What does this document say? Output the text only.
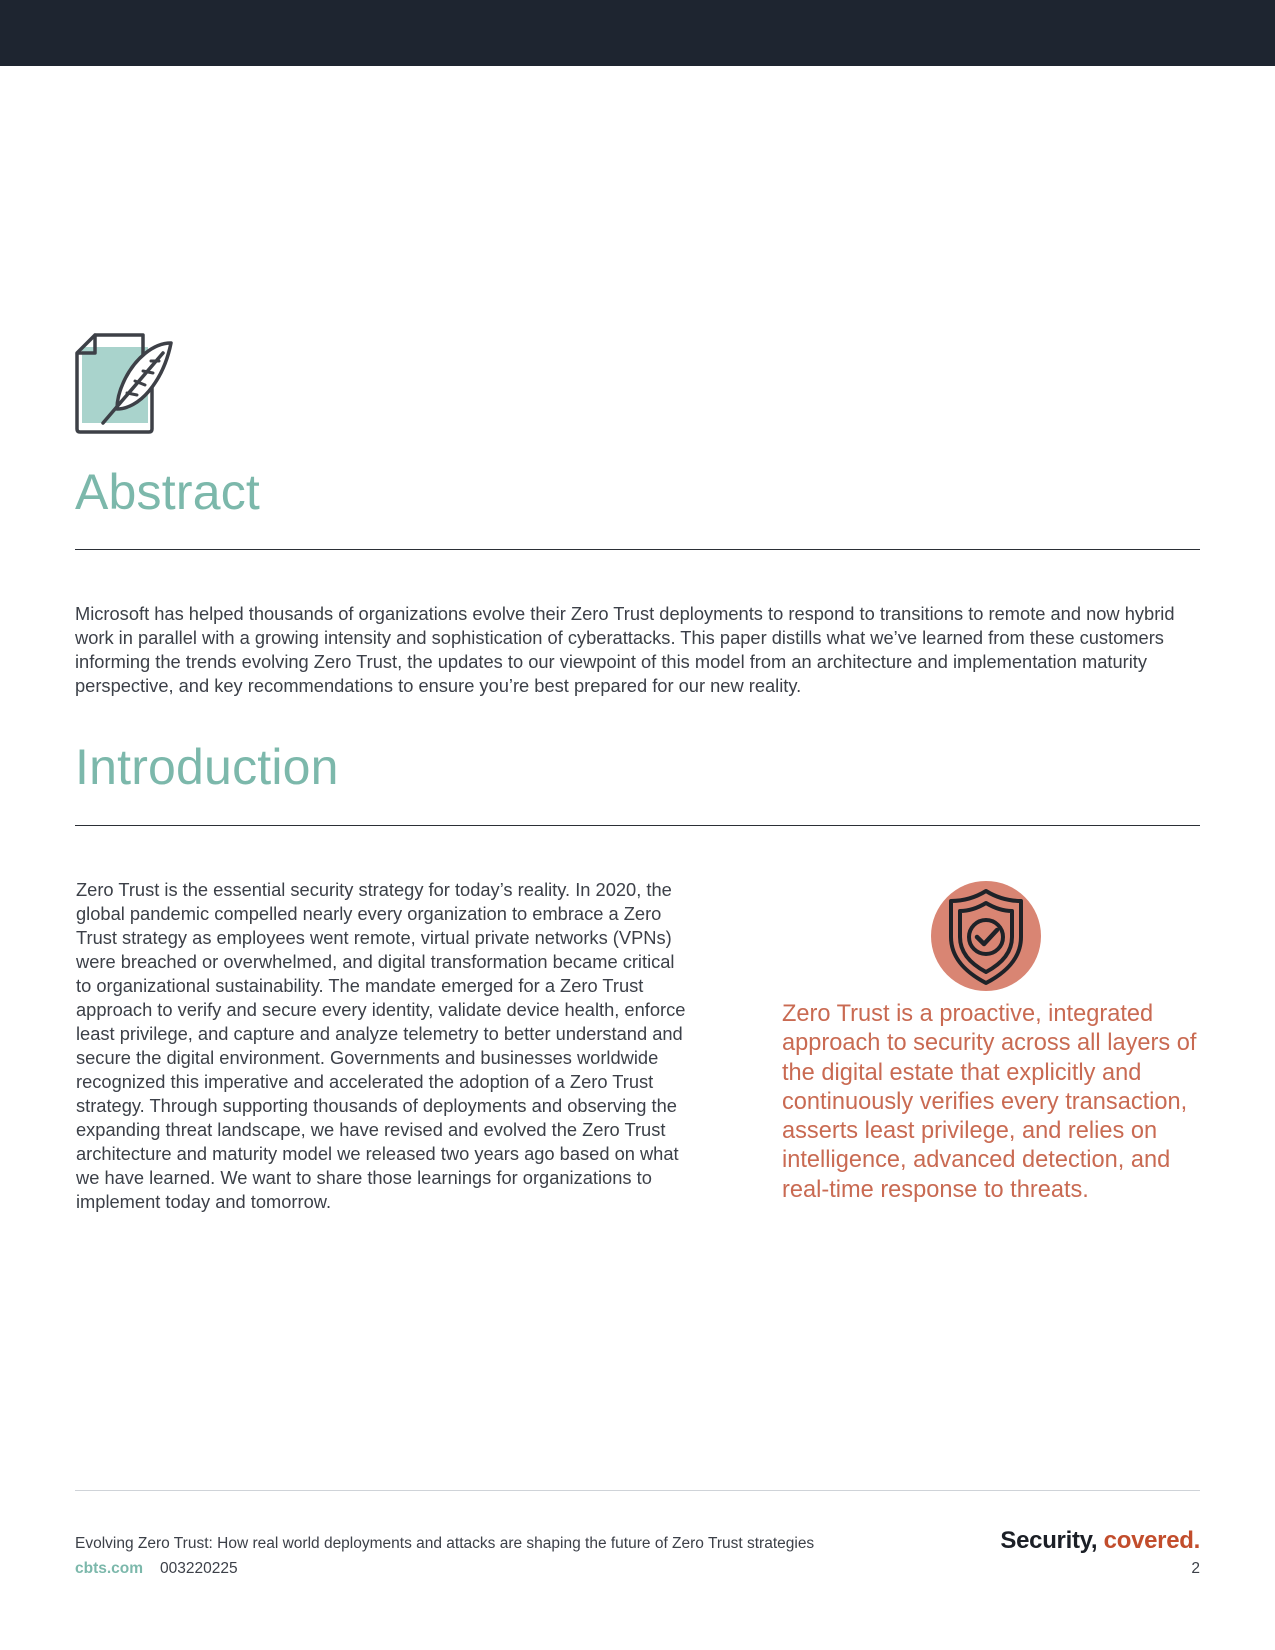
Abstract

Microsoft has helped thousands of organizations evolve their Zero Trust deployments to respond to transitions to remote and now hybrid work in parallel with a growing intensity and sophistication of cyberattacks. This paper distills what we’ve learned from these customers informing the trends evolving Zero Trust, the updates to our viewpoint of this model from an architecture and implementation maturity perspective, and key recommendations to ensure you’re best prepared for our new reality.

Introduction

Zero Trust is the essential security strategy for today’s reality. In 2020, the global pandemic compelled nearly every organization to embrace a Zero Trust strategy as employees went remote, virtual private networks (VPNs) were breached or overwhelmed, and digital transformation became critical to organizational sustainability. The mandate emerged for a Zero Trust approach to verify and secure every identity, validate device health, enforce least privilege, and capture and analyze telemetry to better understand and secure the digital environment. Governments and businesses worldwide recognized this imperative and accelerated the adoption of a Zero Trust strategy. Through supporting thousands of deployments and observing the expanding threat landscape, we have revised and evolved the Zero Trust architecture and maturity model we released two years ago based on what we have learned. We want to share those learnings for organizations to implement today and tomorrow.

Zero Trust is a proactive, integrated approach to security across all layers of the digital estate that explicitly and continuously verifies every transaction, asserts least privilege, and relies on intelligence, advanced detection, and real-time response to threats.

Evolving Zero Trust: How real world deployments and attacks are shaping the future of Zero Trust strategies
cbts.com 003220225
Security, covered.
2
